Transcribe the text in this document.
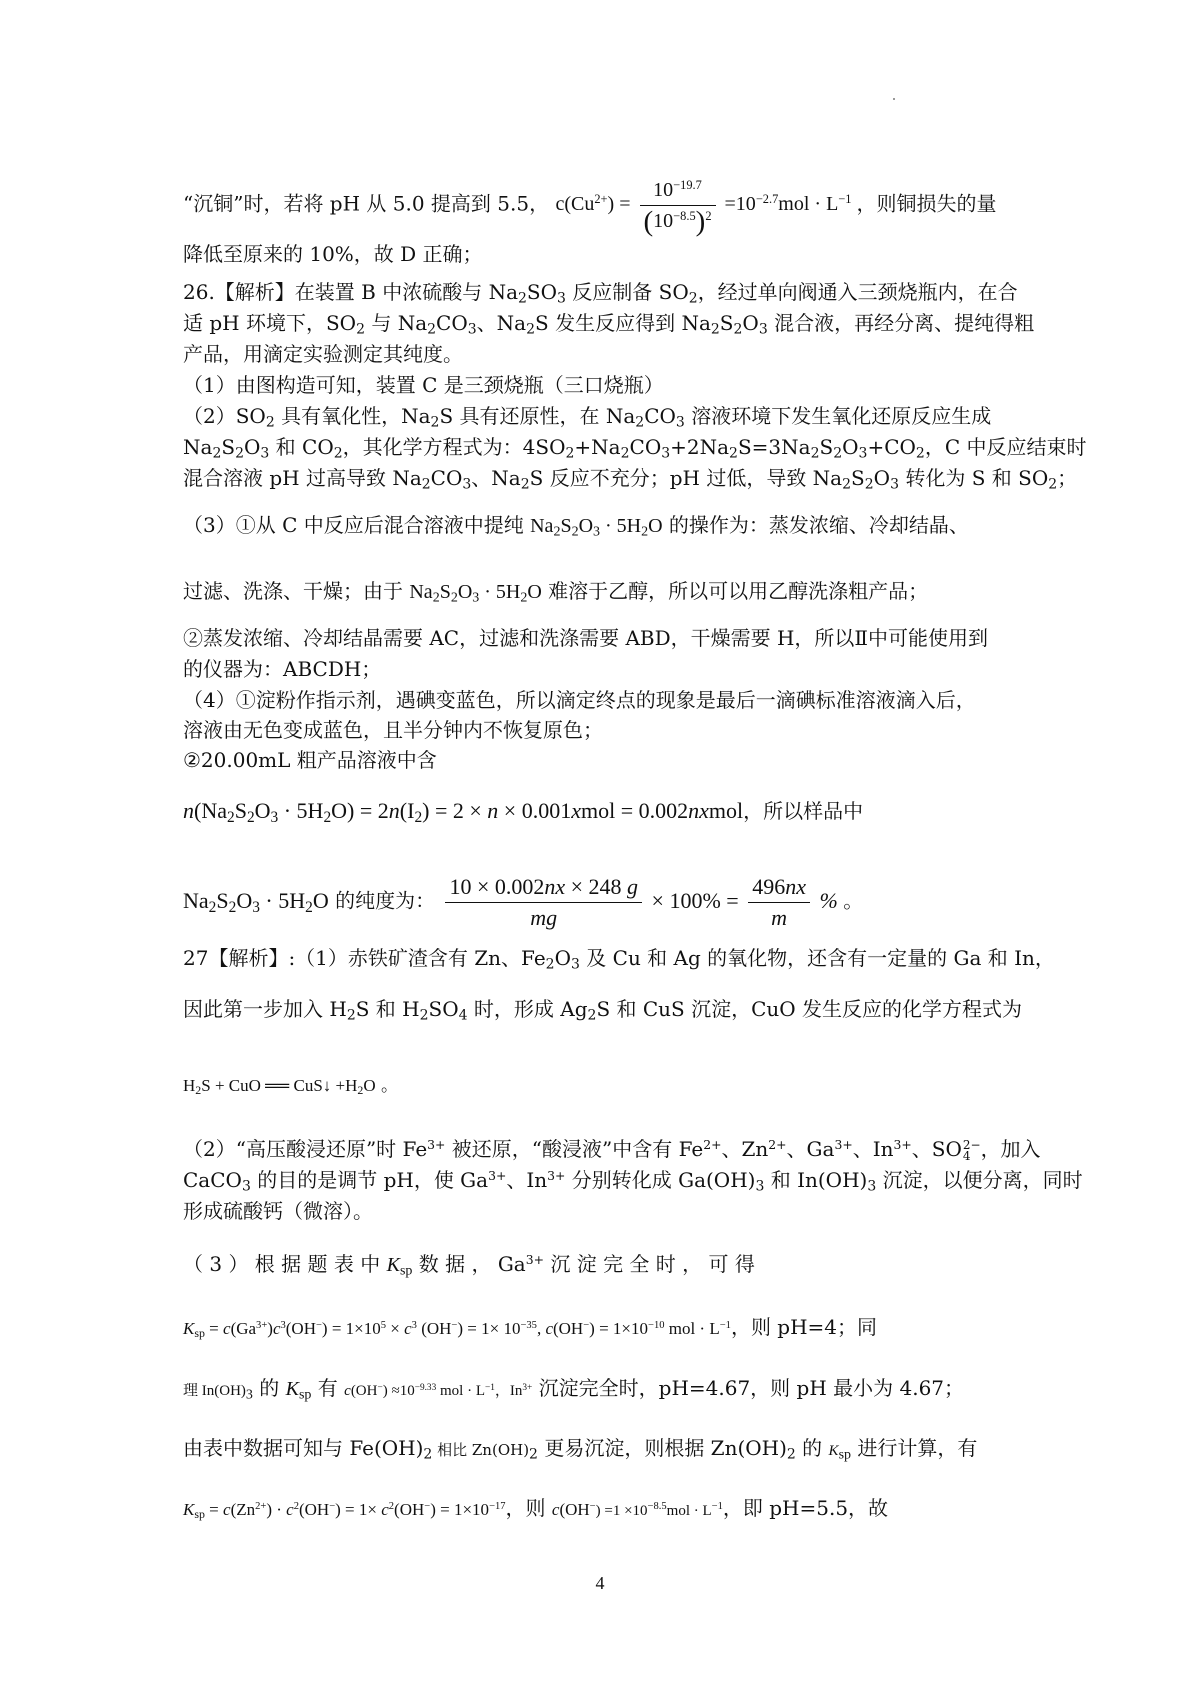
“沉铜”时，若将 pH 从 5.0 提高到 5.5， $c(Cu^{2+}) = \frac{10^{-19.7}}{(10^{-8.5})^2} =10^{-2.7}mol \cdot L^{-1}$ ，则铜损失的量
降低至原来的 10%，故 D 正确；
26.【解析】在装置 B 中浓硫酸与 $Na_2SO_3$ 反应制备 $SO_2$，经过单向阀通入三颈烧瓶内，在合
适 pH 环境下，$SO_2$ 与 $Na_2CO_3$、$Na_2S$ 发生反应得到 $Na_2S_2O_3$ 混合液，再经分离、提纯得粗
产品，用滴定实验测定其纯度。
（1）由图构造可知，装置 C 是三颈烧瓶（三口烧瓶）
$(2)SO_2$ 具有氧化性，$Na_2S$ 具有还原性，在 $Na_2CO_3$ 溶液环境下发生氧化还原反应生成
$Na_2S_2O_3$ 和 $CO_2$，其化学方程式为：$4SO_2+Na_2CO_3+2Na_2S=3Na_2S_2O_3+CO_2$，C 中反应结束时
混合溶液 pH 过高导致 $Na_2CO_3$、$Na_2S$ 反应不充分；pH 过低，导致 $Na_2S_2O_3$ 转化为 S 和 $SO_2$；
（3）①从 C 中反应后混合溶液中提纯 $Na_2S_2O_3 \cdot 5H_2O$ 的操作为：蒸发浓缩、冷却结晶、
过滤、洗涤、干燥；由于 $Na_2S_2O_3 \cdot 5H_2O$ 难溶于乙醇，所以可以用乙醇洗涤粗产品；
②蒸发浓缩、冷却结晶需要 AC，过滤和洗涤需要 ABD，干燥需要 H，所以Ⅱ中可能使用到
的仪器为：ABCDH；
（4）①淀粉作指示剂，遇碘变蓝色，所以滴定终点的现象是最后一滴碘标准溶液滴入后，
溶液由无色变成蓝色，且半分钟内不恢复原色；
②20.00mL 粗产品溶液中含
$n(Na_2S_2O_3 \cdot 5H_2O) = 2n(I_2) = 2 \times n$ × 0.001xmol = 0.002nxmol，所以样品中
$Na_2S_2O_3 \cdot 5H_2O$ 的纯度为： $\frac{10 \times 0.002nx \times 248 g}{mg} \times 100\% = \frac{496nx}{m}$ % 。
27【解析】:（1）赤铁矿渣含有 Zn、$Fe_2O_3$ 及 Cu 和 Ag 的氧化物，还含有一定量的 Ga 和 In，
因此第一步加入 $H_2S$ 和 $H_2SO_4$ 时，形成 $Ag_2S$ 和 CuS 沉淀，CuO 发生反应的化学方程式为
$H_2S$ + CuO ══ CuS↓ $+H_2O$ 。
（2）“高压酸浸还原”时 $Fe^{3+}$ 被还原，“酸浸液”中含有 $Fe^{2+}$、$Zn^{2+}$、$Ga^{3+}$、$In^{3+}$、SO 2−
4 ，加入
CaCO$_3$ 的目的是调节 pH，使 $Ga^{3+}$、$In^{3+}$ 分别转化成 $Ga(OH)_3$ 和 $In(OH)_3$ 沉淀，以便分离，同时
形成硫酸钙（微溶）。
（ 3 ） 根 据 题 表 中 $K_{sp}$ 数 据 ， $Ga^{3+}$ 沉 淀 完 全 时 ， 可 得
$K_{sp} = c(Ga^{3+})c^3(OH^-) = 1\times 10^5 \times c^3$ $(OH^-) = 1\times 10^{-35}$, $c(OH^-) = 1\times 10^{-10}$ mol · $L^{-1}$，则 pH=4；同
理 $In(OH)_3$ 的 $K_{sp}$ 有 $c(OH^-) \approx 10^{-9.33}$ mol · $L^{-1}$，$In^{3+}$ 沉淀完全时，pH=4.67，则 pH 最小为 4.67；
由表中数据可知与 $Fe(OH)_2$ 相比 $Zn(OH)_2$ 更易沉淀，则根据 $Zn(OH)_2$ 的 $K_{sp}$ 进行计算，有
$K_{sp} = c(Zn^{2+}) \cdot c^2(OH^-) = 1\times c^2(OH^-) = 1\times 10^{-17}$，则 $c(OH^-) =1 \times 10^{-8.5}mol \cdot L^{-1}$，即 pH=5.5，故
4
